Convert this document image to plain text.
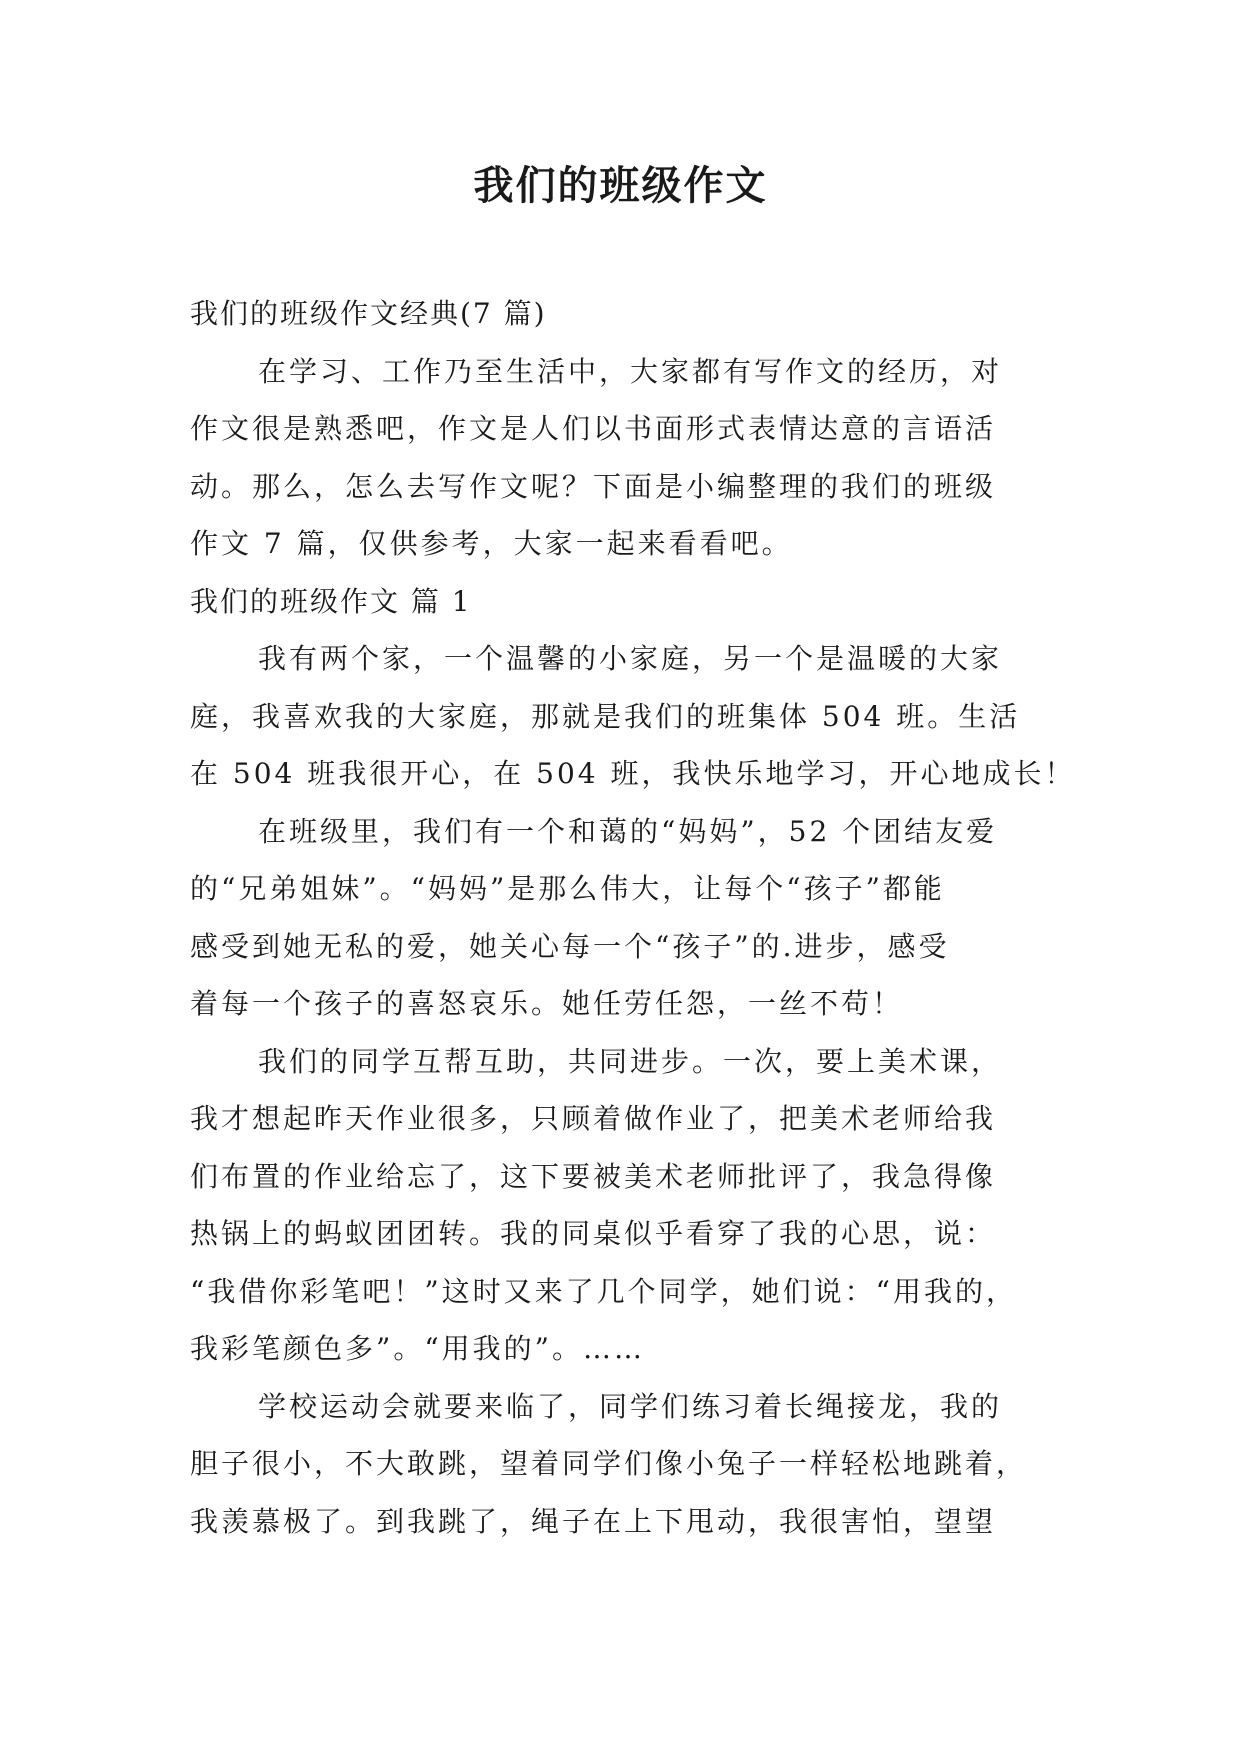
我们的班级作文

我们的班级作文经典(7 篇)

在学习、工作乃至生活中，大家都有写作文的经历，对

作文很是熟悉吧，作文是人们以书面形式表情达意的言语活

动。那么，怎么去写作文呢？下面是小编整理的我们的班级

作文 7 篇，仅供参考，大家一起来看看吧。

我们的班级作文 篇 1

我有两个家，一个温馨的小家庭，另一个是温暖的大家

庭，我喜欢我的大家庭，那就是我们的班集体 504 班。生活

在 504 班我很开心，在 504 班，我快乐地学习，开心地成长！

在班级里，我们有一个和蔼的“妈妈”，52 个团结友爱

的“兄弟姐妹”。“妈妈”是那么伟大，让每个“孩子”都能

感受到她无私的爱，她关心每一个“孩子”的.进步，感受

着每一个孩子的喜怒哀乐。她任劳任怨，一丝不苟！

我们的同学互帮互助，共同进步。一次，要上美术课，

我才想起昨天作业很多，只顾着做作业了，把美术老师给我

们布置的作业给忘了，这下要被美术老师批评了，我急得像

热锅上的蚂蚁团团转。我的同桌似乎看穿了我的心思，说：

“我借你彩笔吧！”这时又来了几个同学，她们说：“用我的，

我彩笔颜色多”。“用我的”。……

学校运动会就要来临了，同学们练习着长绳接龙，我的

胆子很小，不大敢跳，望着同学们像小兔子一样轻松地跳着，

我羡慕极了。到我跳了，绳子在上下甩动，我很害怕，望望
